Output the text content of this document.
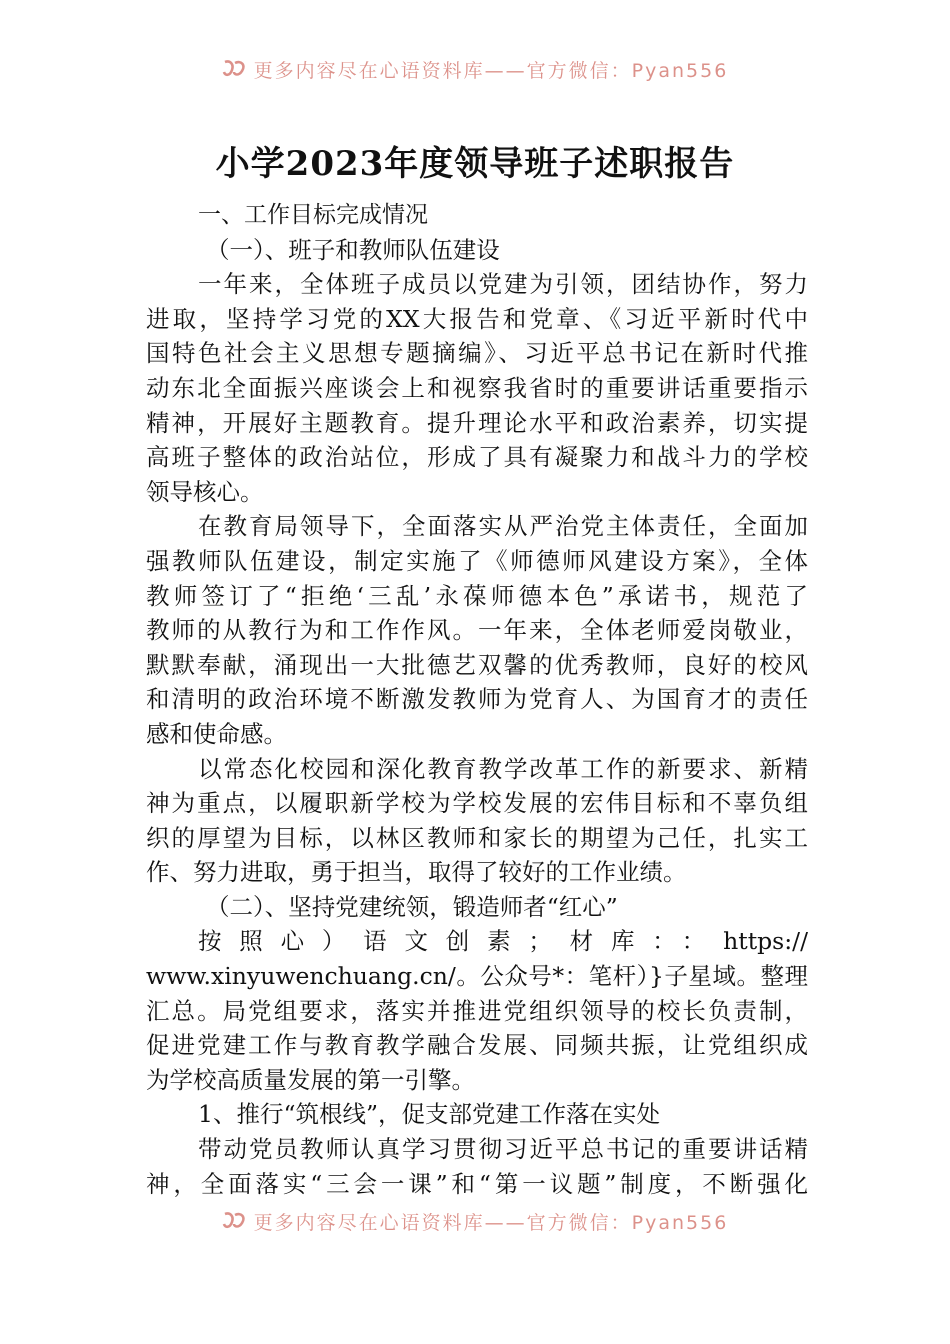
更多内容尽在心语资料库——官方微信：Pyan556
小学2023年度领导班子述职报告
一、工作目标完成情况
（一）、班子和教师队伍建设
一年来，全体班子成员以党建为引领，团结协作，努力
进取，坚持学习党的XX大报告和党章、《习近平新时代中
国特色社会主义思想专题摘编》、习近平总书记在新时代推
动东北全面振兴座谈会上和视察我省时的重要讲话重要指示
精神，开展好主题教育。提升理论水平和政治素养，切实提
高班子整体的政治站位，形成了具有凝聚力和战斗力的学校
领导核心。
在教育局领导下，全面落实从严治党主体责任，全面加
强教师队伍建设，制定实施了《师德师风建设方案》，全体
教师签订了“拒绝‘三乱’永葆师德本色”承诺书，规范了
教师的从教行为和工作作风。一年来，全体老师爱岗敬业，
默默奉献，涌现出一大批德艺双馨的优秀教师，良好的校风
和清明的政治环境不断激发教师为党育人、为国育才的责任
感和使命感。
以常态化校园和深化教育教学改革工作的新要求、新精
神为重点，以履职新学校为学校发展的宏伟目标和不辜负组
织的厚望为目标，以林区教师和家长的期望为己任，扎实工
作、努力进取，勇于担当，取得了较好的工作业绩。
（二）、坚持党建统领，锻造师者“红心”
按照心）语文创素；材库：：https://
www.xinyuwenchuang.cn/。公众号*：笔杆）}子星域。整理
汇总。局党组要求，落实并推进党组织领导的校长负责制，
促进党建工作与教育教学融合发展、同频共振，让党组织成
为学校高质量发展的第一引擎。
1、推行“筑根线”，促支部党建工作落在实处
带动党员教师认真学习贯彻习近平总书记的重要讲话精
神，全面落实“三会一课”和“第一议题”制度，不断强化
更多内容尽在心语资料库——官方微信：Pyan556
